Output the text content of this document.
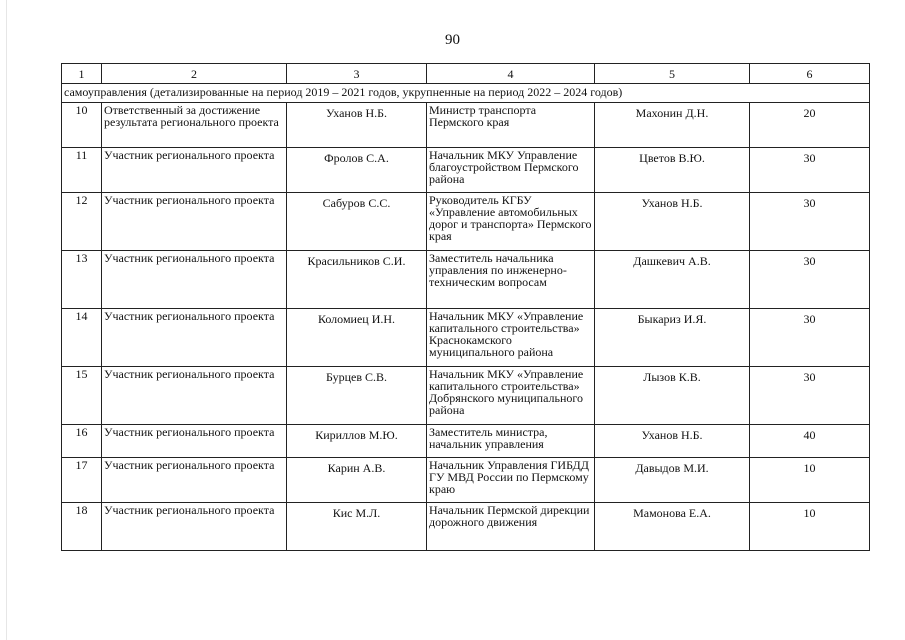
90
1	2	3	4	5	6
самоуправления (детализированные на период 2019 – 2021 годов, укрупненные на период 2022 – 2024 годов)					
10	Ответственный за достижение результата регионального проекта	Уханов Н.Б.	Министр транспорта Пермского края	Махонин Д.Н.	20
11	Участник регионального проекта	Фролов С.А.	Начальник МКУ Управление благоустройством Пермского района	Цветов В.Ю.	30
12	Участник регионального проекта	Сабуров С.С.	Руководитель КГБУ «Управление автомобильных дорог и транспорта» Пермского края	Уханов Н.Б.	30
13	Участник регионального проекта	Красильников С.И.	Заместитель начальника управления по инженерно-техническим вопросам	Дашкевич А.В.	30
14	Участник регионального проекта	Коломиец И.Н.	Начальник МКУ «Управление капитального строительства» Краснокамского муниципального района	Быкариз И.Я.	30
15	Участник регионального проекта	Бурцев С.В.	Начальник МКУ «Управление капитального строительства» Добрянского муниципального района	Лызов К.В.	30
16	Участник регионального проекта	Кириллов М.Ю.	Заместитель министра, начальник управления	Уханов Н.Б.	40
17	Участник регионального проекта	Карин А.В.	Начальник Управления ГИБДД ГУ МВД России по Пермскому краю	Давыдов М.И.	10
18	Участник регионального проекта	Кис М.Л.	Начальник Пермской дирекции дорожного движения	Мамонова Е.А.	10
